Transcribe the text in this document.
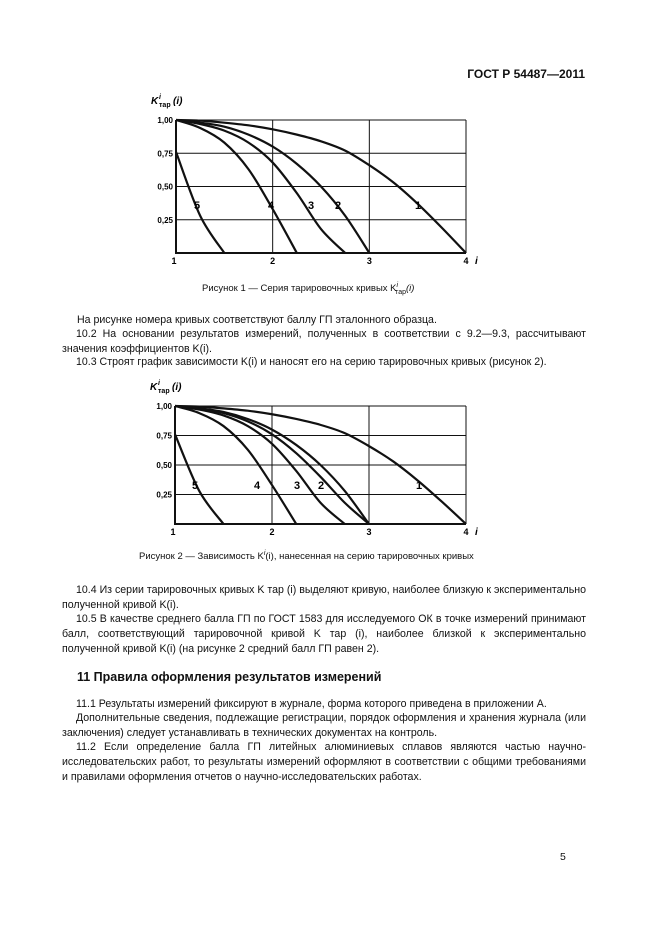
ГОСТ Р 54487—2011
K i
тар (i)
1,00
0,75
0,50
0,25
1	2	3	4 i
1
2
3
4
5
Рисунок 1 — Серия тарировочных кривых $K^i_{тар}(i)$
На рисунке номера кривых соответствуют баллу ГП эталонного образца.
10.2 На основании результатов измерений, полученных в соответствии с 9.2—9.3, рассчитывают значения коэффициентов K(i).
10.3 Строят график зависимости K(i) и наносят его на серию тарировочных кривых (рисунок 2).
K i
тар (i)
1,00
0,75
0,50
0,25
1	2	3	4 i
1
2
3
4
5
Рисунок 2 — Зависимость $K^i(i)$, нанесенная на серию тарировочных кривых
10.4 Из серии тарировочных кривых K тар (i) выделяют кривую, наиболее близкую к экспериментально полученной кривой K(i).
10.5 В качестве среднего балла ГП по ГОСТ 1583 для исследуемого ОК в точке измерений принимают балл, соответствующий тарировочной кривой K тар (i), наиболее близкой к экспериментально полученной кривой K(i) (на рисунке 2 средний балл ГП равен 2).
11 Правила оформления результатов измерений
11.1 Результаты измерений фиксируют в журнале, форма которого приведена в приложении А.
Дополнительные сведения, подлежащие регистрации, порядок оформления и хранения журнала (или заключения) следует устанавливать в технических документах на контроль.
11.2 Если определение балла ГП литейных алюминиевых сплавов являются частью научно-исследовательских работ, то результаты измерений оформляют в соответствии с общими требованиями и правилами оформления отчетов о научно-исследовательских работах.
5
